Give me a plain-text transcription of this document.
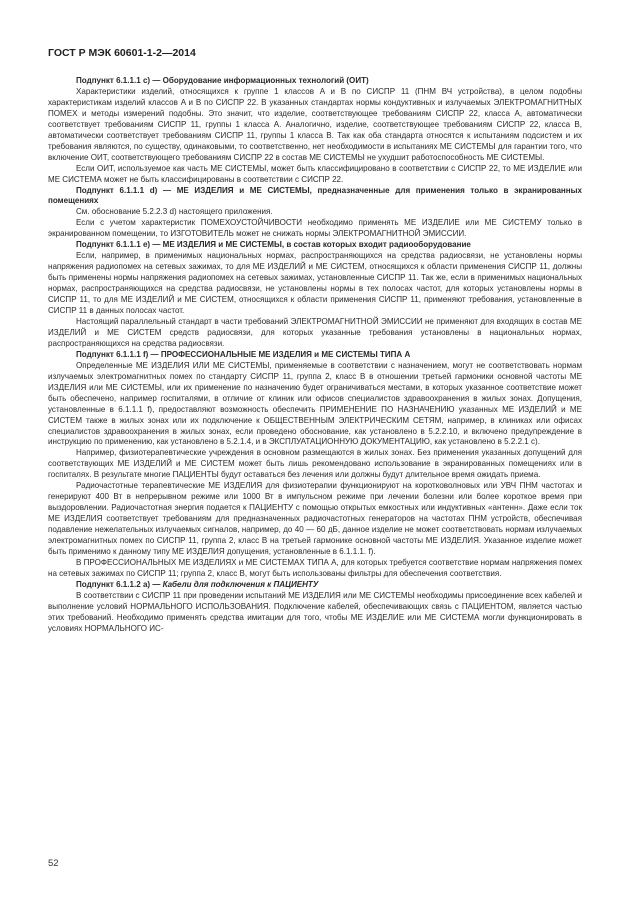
ГОСТ Р МЭК 60601-1-2—2014

Подпункт 6.1.1.1 с) — Оборудование информационных технологий (ОИТ)

Характеристики изделий, относящихся к группе 1 классов A и B по СИСПР 11 (ПНМ ВЧ устройства), в целом подобны характеристикам изделий классов A и B по СИСПР 22. В указанных стандартах нормы кондуктивных и излучаемых ЭЛЕКТРОМАГНИТНЫХ ПОМЕХ и методы измерений подобны. Это значит, что изделие, соответствующее требованиям СИСПР 22, класса A, автоматически соответствует требованиям СИСПР 11, группы 1 класса A. Аналогично, изделие, соответствующее требованиям СИСПР 22, класса B, автоматически соответствует требованиям СИСПР 11, группы 1 класса B. Так как оба стандарта относятся к испытаниям подсистем и их требования являются, по существу, одинаковыми, то соответственно, нет необходимости в испытаниях МЕ СИСТЕМЫ для гарантии того, что включение ОИТ, соответствующего требованиям СИСПР 22 в состав МЕ СИСТЕМЫ не ухудшит работоспособность МЕ СИСТЕМЫ.

Если ОИТ, используемое как часть МЕ СИСТЕМЫ, может быть классифицировано в соответствии с СИСПР 22, то МЕ ИЗДЕЛИЕ или МЕ СИСТЕМА может не быть классифицированы в соответствии с СИСПР 22.

Подпункт 6.1.1.1 d) — МЕ ИЗДЕЛИЯ и МЕ СИСТЕМЫ, предназначенные для применения только в экранированных помещениях

См. обоснование 5.2.2.3 d) настоящего приложения.

Если с учетом характеристик ПОМЕХОУСТОЙЧИВОСТИ необходимо применять МЕ ИЗДЕЛИЕ или МЕ СИСТЕМУ только в экранированном помещении, то ИЗГОТОВИТЕЛЬ может не снижать нормы ЭЛЕКТРОМАГНИТНОЙ ЭМИССИИ.

Подпункт 6.1.1.1 е) — МЕ ИЗДЕЛИЯ и МЕ СИСТЕМЫ, в состав которых входит радиооборудование

Если, например, в применимых национальных нормах, распространяющихся на средства радиосвязи, не установлены нормы напряжения радиопомех на сетевых зажимах, то для МЕ ИЗДЕЛИЙ и МЕ СИСТЕМ, относящихся к области применения СИСПР 11, должны быть применены нормы напряжения радиопомех на сетевых зажимах, установленные СИСПР 11. Так же, если в применимых национальных нормах, распространяющихся на средства радиосвязи, не установлены нормы в тех полосах частот, для которых установлены нормы в СИСПР 11, то для МЕ ИЗДЕЛИЙ и МЕ СИСТЕМ, относящихся к области применения СИСПР 11, применяют требования, установленные в СИСПР 11 в данных полосах частот.

Настоящий параллельный стандарт в части требований ЭЛЕКТРОМАГНИТНОЙ ЭМИССИИ не применяют для входящих в состав МЕ ИЗДЕЛИЙ и МЕ СИСТЕМ средств радиосвязи, для которых указанные требования установлены в национальных нормах, распространяющихся на средства радиосвязи.

Подпункт 6.1.1.1 f) — ПРОФЕССИОНАЛЬНЫЕ МЕ ИЗДЕЛИЯ и МЕ СИСТЕМЫ ТИПА А

Определенные МЕ ИЗДЕЛИЯ ИЛИ МЕ СИСТЕМЫ, применяемые в соответствии с назначением, могут не соответствовать нормам излучаемых электромагнитных помех по стандарту СИСПР 11, группа 2, класс B в отношении третьей гармоники основной частоты МЕ ИЗДЕЛИЯ или МЕ СИСТЕМЫ, или их применение по назначению будет ограничиваться местами, в которых указанное соответствие может быть обеспечено, например госпиталями, в отличие от клиник или офисов специалистов здравоохранения в жилых зонах. Допущения, установленные в 6.1.1.1 f), предоставляют возможность обеспечить ПРИМЕНЕНИЕ ПО НАЗНАЧЕНИЮ указанных МЕ ИЗДЕЛИЙ и МЕ СИСТЕМ также в жилых зонах или их подключение к ОБЩЕСТВЕННЫМ ЭЛЕКТРИЧЕСКИМ СЕТЯМ, например, в клиниках или офисах специалистов здравоохранения в жилых зонах, если проведено обоснование, как установлено в 5.2.2.10, и включено предупреждение в инструкцию по применению, как установлено в 5.2.1.4, и в ЭКСПЛУАТАЦИОННУЮ ДОКУМЕНТАЦИЮ, как установлено в 5.2.2.1 с).

Например, физиотерапевтические учреждения в основном размещаются в жилых зонах. Без применения указанных допущений для соответствующих МЕ ИЗДЕЛИЙ и МЕ СИСТЕМ может быть лишь рекомендовано использование в экранированных помещениях или в госпиталях. В результате многие ПАЦИЕНТЫ будут оставаться без лечения или должны будут длительное время ожидать приема.

Радиочастотные терапевтические МЕ ИЗДЕЛИЯ для физиотерапии функционируют на коротковолновых или УВЧ ПНМ частотах и генерируют 400 Вт в непрерывном режиме или 1000 Вт в импульсном режиме при лечении болезни или более короткое время при выздоровлении. Радиочастотная энергия подается к ПАЦИЕНТУ с помощью открытых емкостных или индуктивных «антенн». Даже если ток МЕ ИЗДЕЛИЯ соответствует требованиям для предназначенных радиочастотных генераторов на частотах ПНМ устройств, обеспечивая подавление нежелательных излучаемых сигналов, например, до 40 — 60 дБ, данное изделие не может соответствовать нормам излучаемых электромагнитных помех по СИСПР 11, группа 2, класс B на третьей гармонике основной частоты МЕ ИЗДЕЛИЯ. Указанное изделие может быть применимо к данному типу МЕ ИЗДЕЛИЯ допущения, установленные в 6.1.1.1. f).

В ПРОФЕССИОНАЛЬНЫХ МЕ ИЗДЕЛИЯХ и МЕ СИСТЕМАХ ТИПА А, для которых требуется соответствие нормам напряжения помех на сетевых зажимах по СИСПР 11; группа 2, класс B, могут быть использованы фильтры для обеспечения соответствия.

Подпункт 6.1.1.2 а) — Кабели для подключения к ПАЦИЕНТУ

В соответствии с СИСПР 11 при проведении испытаний МЕ ИЗДЕЛИЯ или МЕ СИСТЕМЫ необходимы присоединение всех кабелей и выполнение условий НОРМАЛЬНОГО ИСПОЛЬЗОВАНИЯ. Подключение кабелей, обеспечивающих связь с ПАЦИЕНТОМ, является частью этих требований. Необходимо применять средства имитации для того, чтобы МЕ ИЗДЕЛИЕ или МЕ СИСТЕМА могли функционировать в условиях НОРМАЛЬНОГО ИС-

52
